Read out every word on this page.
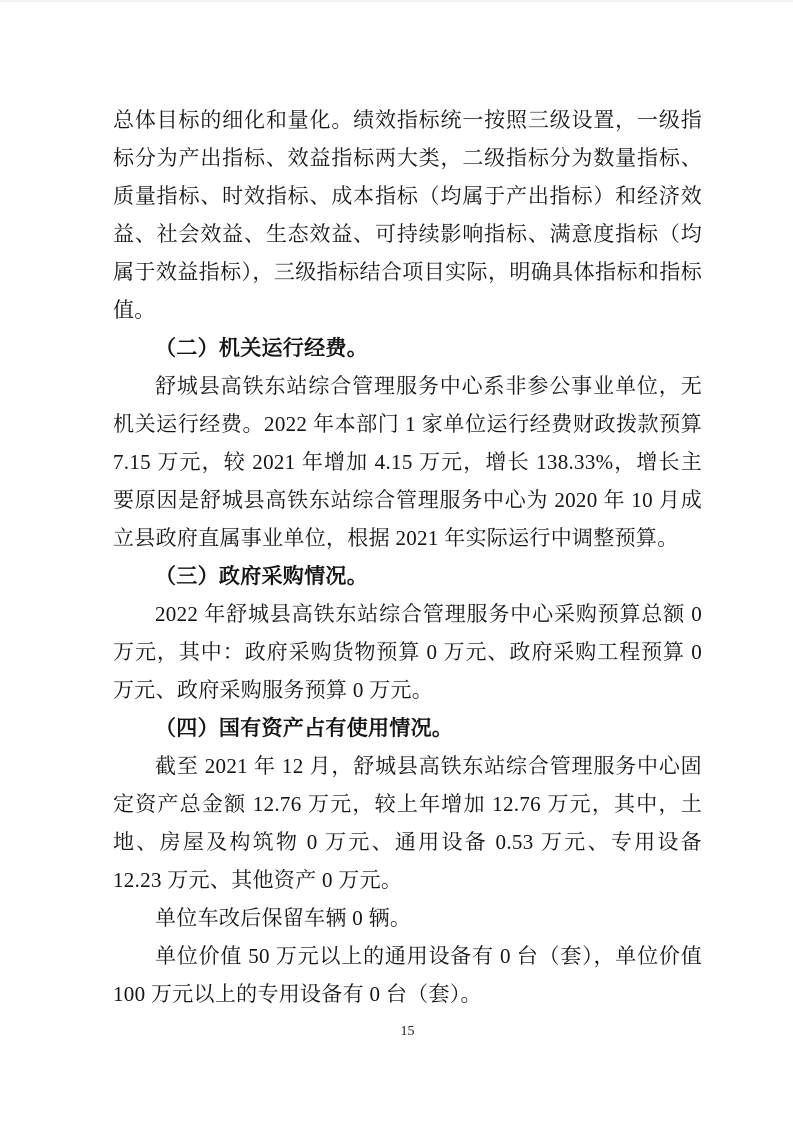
总体目标的细化和量化。绩效指标统一按照三级设置，一级指标分为产出指标、效益指标两大类，二级指标分为数量指标、质量指标、时效指标、成本指标（均属于产出指标）和经济效益、社会效益、生态效益、可持续影响指标、满意度指标（均属于效益指标），三级指标结合项目实际，明确具体指标和指标值。

（二）机关运行经费。

舒城县高铁东站综合管理服务中心系非参公事业单位，无机关运行经费。2022 年本部门 1 家单位运行经费财政拨款预算 7.15 万元，较 2021 年增加 4.15 万元，增长 138.33%，增长主要原因是舒城县高铁东站综合管理服务中心为 2020 年 10 月成立县政府直属事业单位，根据 2021 年实际运行中调整预算。

（三）政府采购情况。

2022 年舒城县高铁东站综合管理服务中心采购预算总额 0 万元，其中：政府采购货物预算 0 万元、政府采购工程预算 0 万元、政府采购服务预算 0 万元。

（四）国有资产占有使用情况。

截至 2021 年 12 月，舒城县高铁东站综合管理服务中心固定资产总金额 12.76 万元，较上年增加 12.76 万元，其中，土地、房屋及构筑物 0 万元、通用设备 0.53 万元、专用设备 12.23 万元、其他资产 0 万元。

单位车改后保留车辆 0 辆。

单位价值 50 万元以上的通用设备有 0 台（套），单位价值 100 万元以上的专用设备有 0 台（套）。

15
